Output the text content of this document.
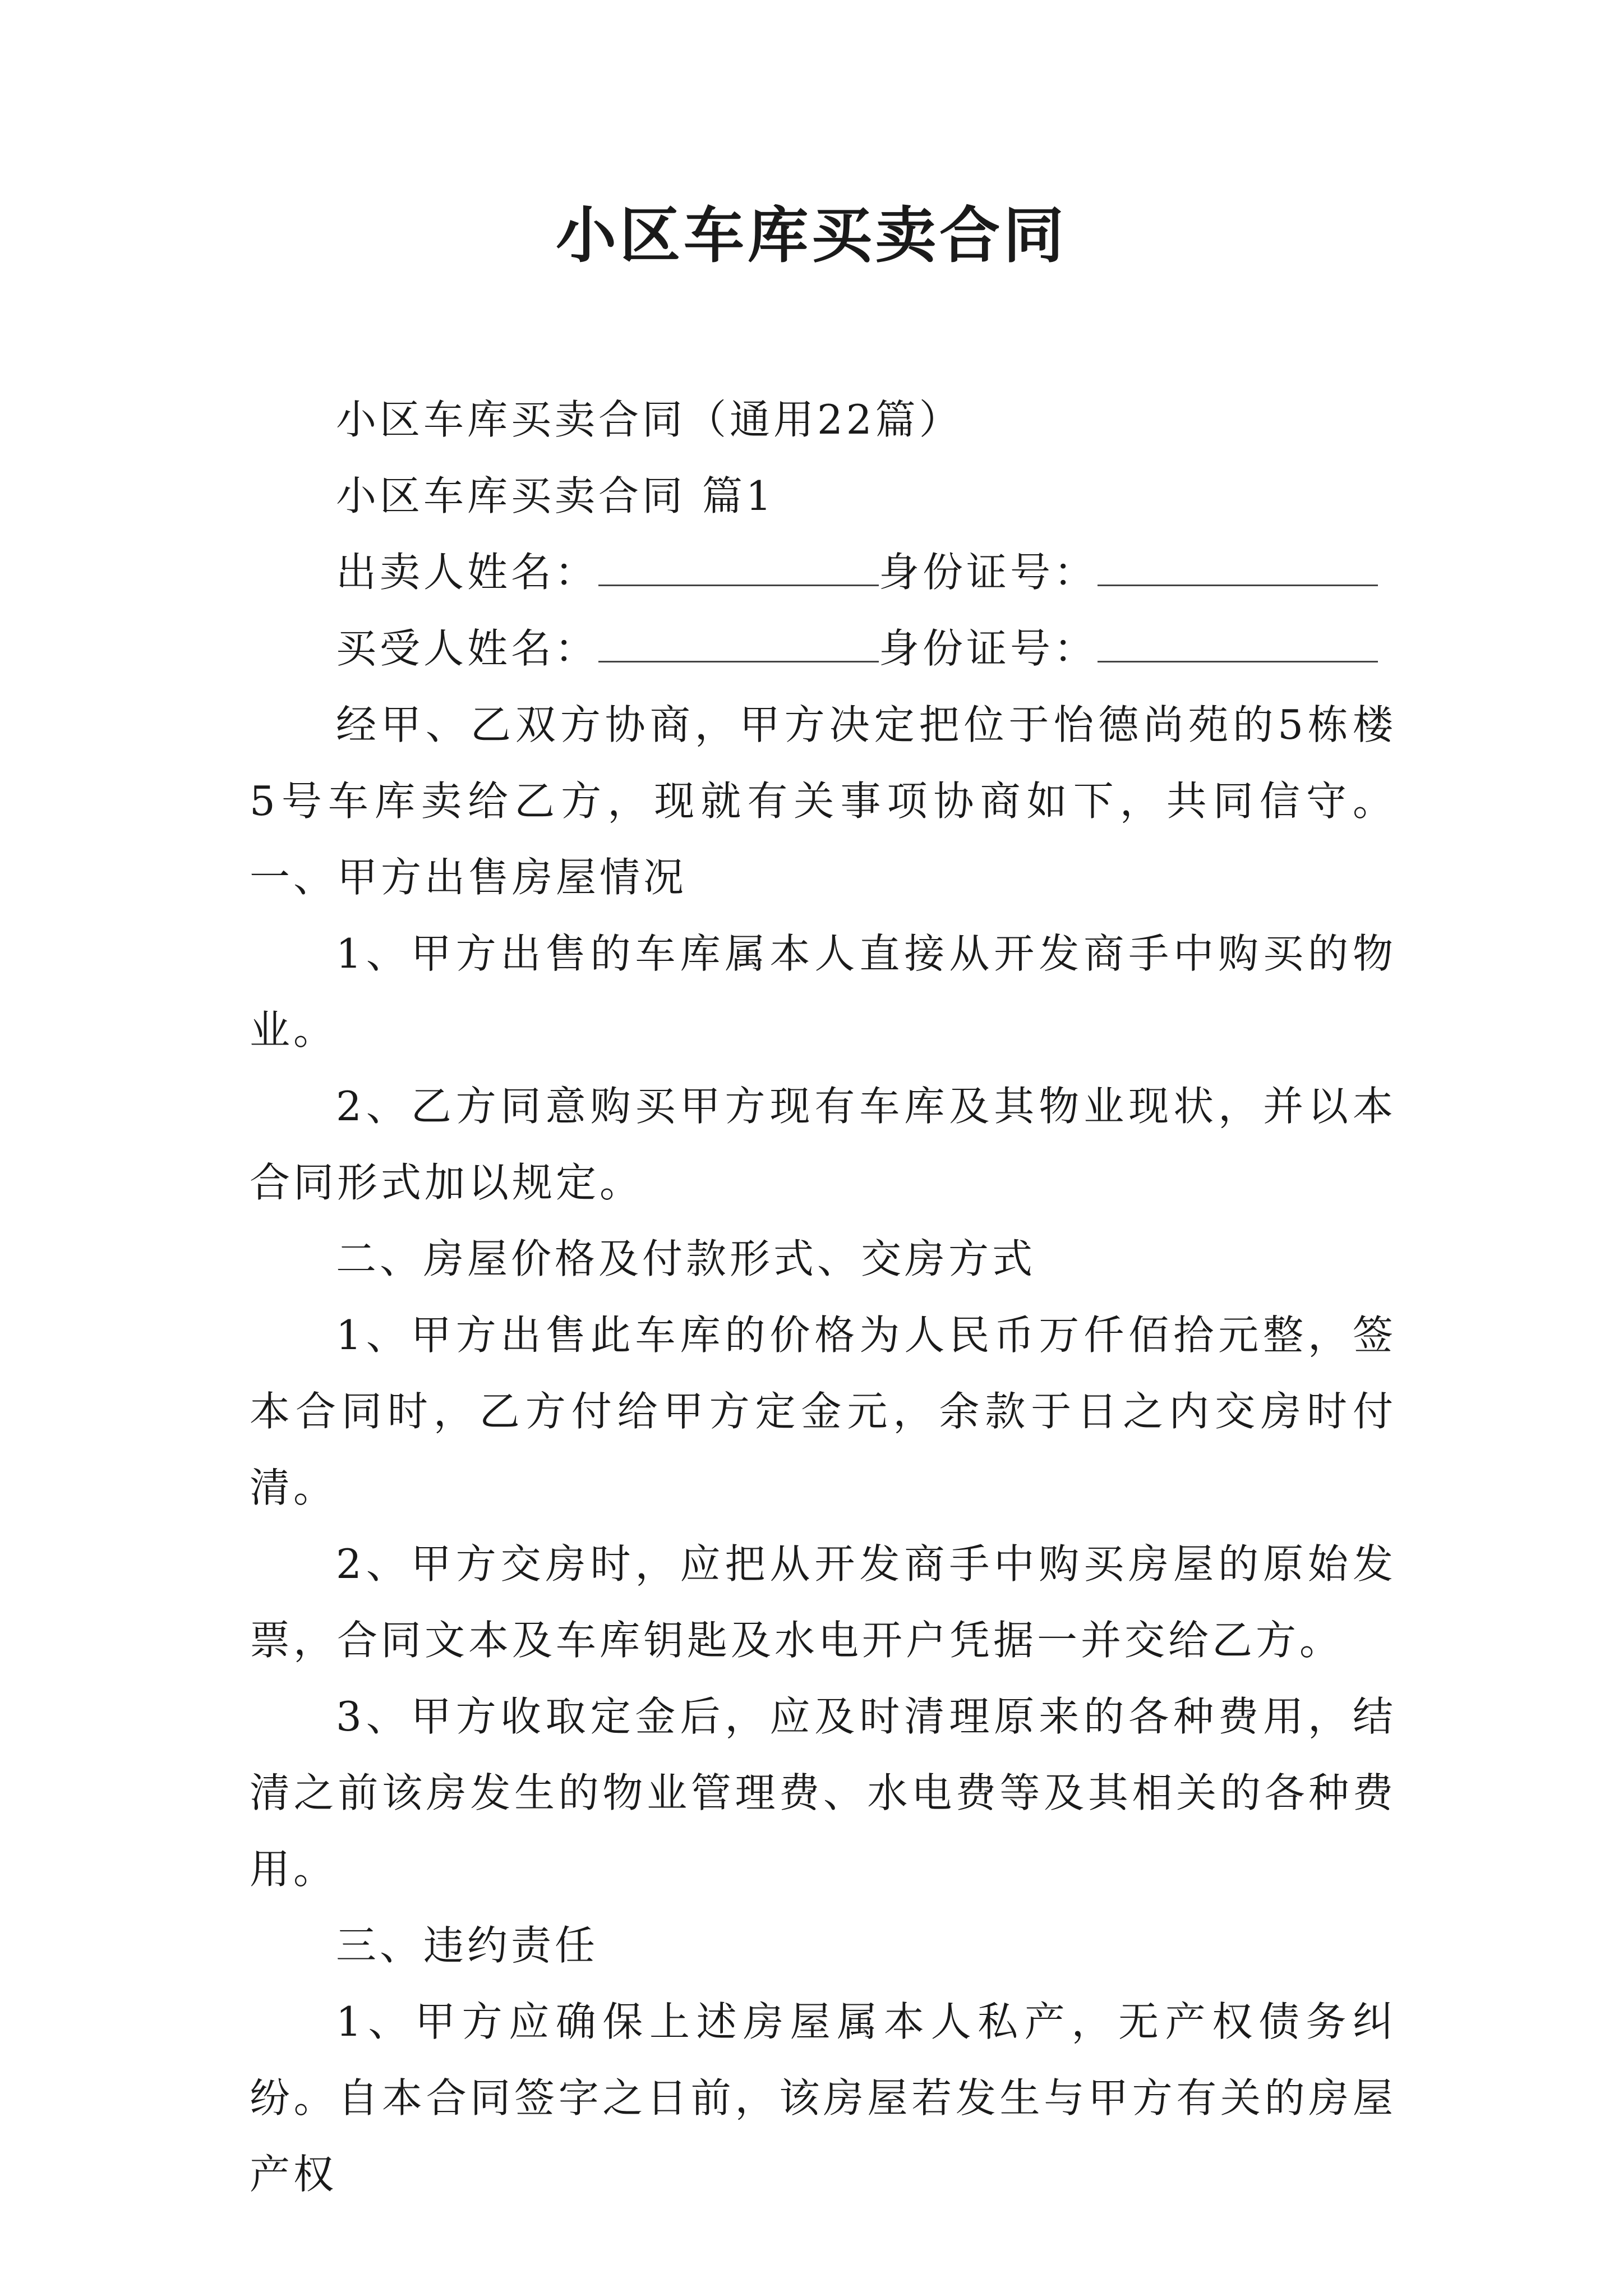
小区车库买卖合同

小区车库买卖合同（通用22篇）

小区车库买卖合同 篇1

出卖人姓名：	身份证号：

买受人姓名：	身份证号：

经甲、乙双方协商，甲方决定把位于怡德尚苑的5栋楼5号车库卖给乙方，现就有关事项协商如下，共同信守。一、甲方出售房屋情况

1、甲方出售的车库属本人直接从开发商手中购买的物业。

2、乙方同意购买甲方现有车库及其物业现状，并以本合同形式加以规定。

二、房屋价格及付款形式、交房方式

1、甲方出售此车库的价格为人民币万仟佰拾元整，签本合同时，乙方付给甲方定金元，余款于日之内交房时付清。

2、甲方交房时，应把从开发商手中购买房屋的原始发票，合同文本及车库钥匙及水电开户凭据一并交给乙方。

3、甲方收取定金后，应及时清理原来的各种费用，结清之前该房发生的物业管理费、水电费等及其相关的各种费用。

三、违约责任

1、甲方应确保上述房屋属本人私产，无产权债务纠纷。自本合同签字之日前，该房屋若发生与甲方有关的房屋产权
